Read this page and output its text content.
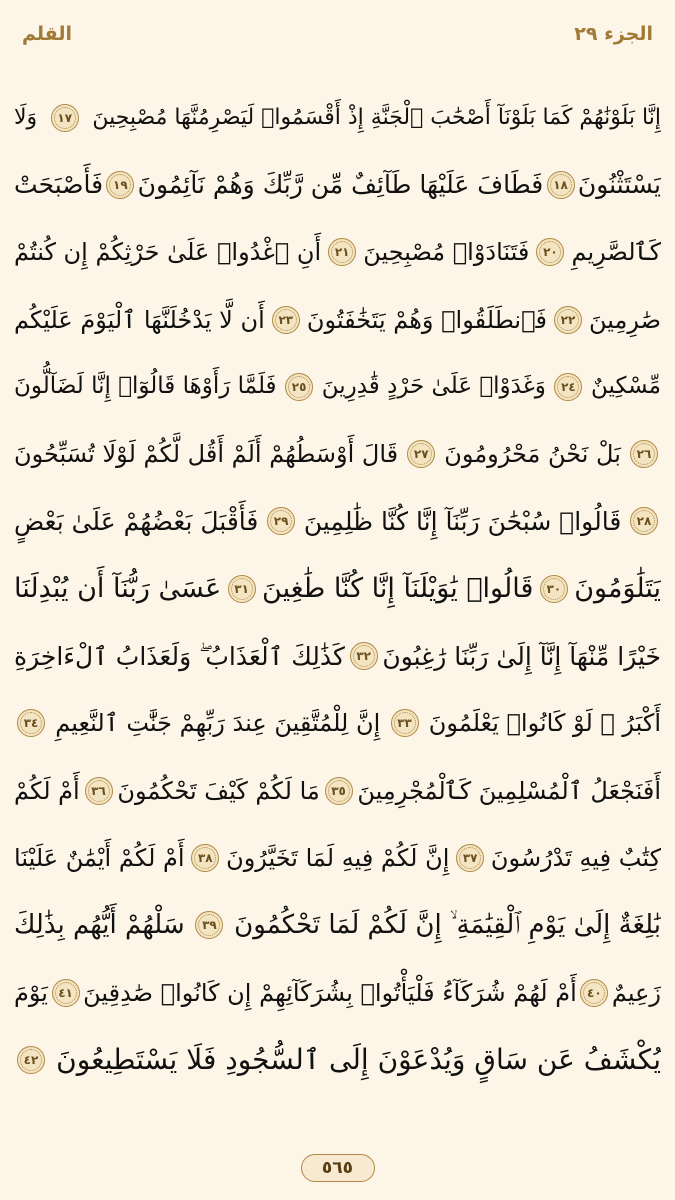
القلم	الجزء ٢٩
إِنَّا بَلَوْنَٰهُمْ كَمَا بَلَوْنَآ أَصْحَٰبَ ٱلْجَنَّةِ إِذْ أَقْسَمُوا۟ لَيَصْرِمُنَّهَا مُصْبِحِينَ
١٧
وَلَا
يَسْتَثْنُونَ
١٨
فَطَافَ عَلَيْهَا طَآئِفٌ مِّن رَّبِّكَ وَهُمْ نَآئِمُونَ
١٩
فَأَصْبَحَتْ
كَٱلصَّرِيمِ
٢٠
فَتَنَادَوْا۟ مُصْبِحِينَ
٢١
أَنِ ٱغْدُوا۟ عَلَىٰ حَرْثِكُمْ إِن كُنتُمْ
صَٰرِمِينَ
٢٢
فَٱنطَلَقُوا۟ وَهُمْ يَتَخَٰفَتُونَ
٢٣
أَن لَّا يَدْخُلَنَّهَا ٱلْيَوْمَ عَلَيْكُم
مِّسْكِينٌ
٢٤
وَغَدَوْا۟ عَلَىٰ حَرْدٍ قَٰدِرِينَ
٢٥
فَلَمَّا رَأَوْهَا قَالُوٓا۟ إِنَّا لَضَآلُّونَ
٢٦
بَلْ نَحْنُ مَحْرُومُونَ
٢٧
قَالَ أَوْسَطُهُمْ أَلَمْ أَقُل لَّكُمْ لَوْلَا تُسَبِّحُونَ
٢٨
قَالُوا۟ سُبْحَٰنَ رَبِّنَآ إِنَّا كُنَّا ظَٰلِمِينَ
٢٩
فَأَقْبَلَ بَعْضُهُمْ عَلَىٰ بَعْضٍ
يَتَلَٰوَمُونَ
٣٠
قَالُوا۟ يَٰوَيْلَنَآ إِنَّا كُنَّا طَٰغِينَ
٣١
عَسَىٰ رَبُّنَآ أَن يُبْدِلَنَا
خَيْرًا مِّنْهَآ إِنَّآ إِلَىٰ رَبِّنَا رَٰغِبُونَ
٣٢
كَذَٰلِكَ ٱلْعَذَابُ ۖ وَلَعَذَابُ ٱلْءَاخِرَةِ
أَكْبَرُ ۚ لَوْ كَانُوا۟ يَعْلَمُونَ
٣٣
إِنَّ لِلْمُتَّقِينَ عِندَ رَبِّهِمْ جَنَّٰتِ ٱلنَّعِيمِ
٣٤
أَفَنَجْعَلُ ٱلْمُسْلِمِينَ كَٱلْمُجْرِمِينَ
٣٥
مَا لَكُمْ كَيْفَ تَحْكُمُونَ
٣٦
أَمْ لَكُمْ
كِتَٰبٌ فِيهِ تَدْرُسُونَ
٣٧
إِنَّ لَكُمْ فِيهِ لَمَا تَخَيَّرُونَ
٣٨
أَمْ لَكُمْ أَيْمَٰنٌ عَلَيْنَا
بَٰلِغَةٌ إِلَىٰ يَوْمِ ٱلْقِيَٰمَةِ ۙ إِنَّ لَكُمْ لَمَا تَحْكُمُونَ
٣٩
سَلْهُمْ أَيُّهُم بِذَٰلِكَ
زَعِيمٌ
٤٠
أَمْ لَهُمْ شُرَكَآءُ فَلْيَأْتُوا۟ بِشُرَكَآئِهِمْ إِن كَانُوا۟ صَٰدِقِينَ
٤١
يَوْمَ
يُكْشَفُ عَن سَاقٍ وَيُدْعَوْنَ إِلَى ٱلسُّجُودِ فَلَا يَسْتَطِيعُونَ
٤٢
٥٦٥
